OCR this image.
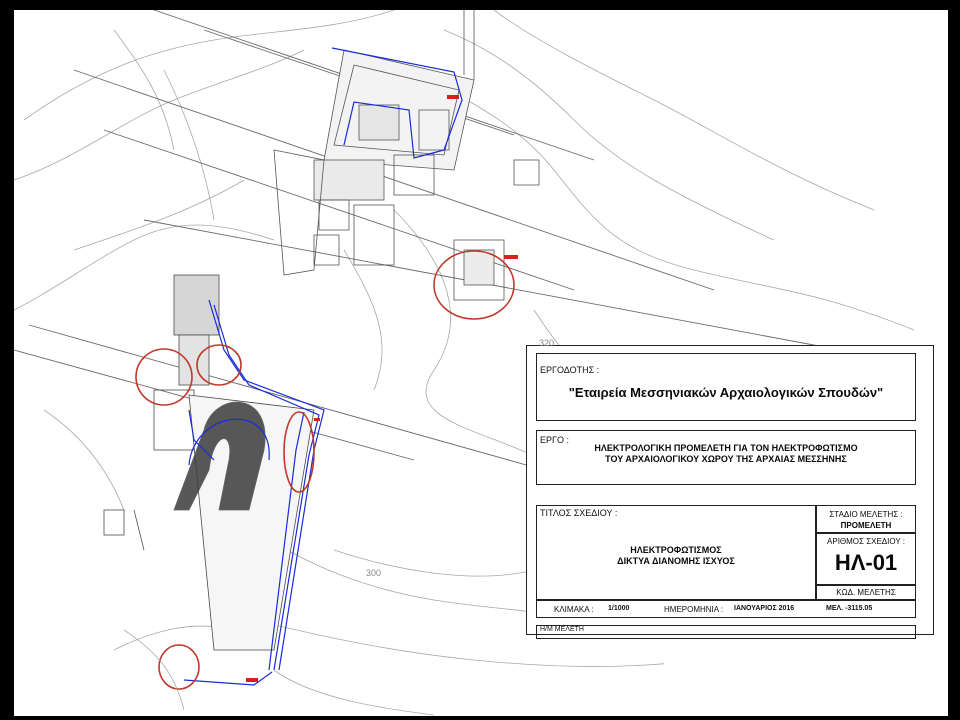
ΕΡΓΟΔΟΤΗΣ :
"Εταιρεία Μεσσηνιακών Αρχαιολογικών Σπουδών"
ΕΡΓΟ :
ΗΛΕΚΤΡΟΛΟΓΙΚΗ ΠΡΟΜΕΛΕΤΗ ΓΙΑ ΤΟΝ ΗΛΕΚΤΡΟΦΩΤΙΣΜΟ
ΤΟΥ ΑΡΧΑΙΟΛΟΓΙΚΟΥ ΧΩΡΟΥ ΤΗΣ ΑΡΧΑΙΑΣ ΜΕΣΣΗΝΗΣ
ΤΙΤΛΟΣ ΣΧΕΔΙΟΥ :
ΗΛΕΚΤΡΟΦΩΤΙΣΜΟΣ
ΔΙΚΤΥΑ ΔΙΑΝΟΜΗΣ ΙΣΧΥΟΣ
ΣΤΑΔΙΟ ΜΕΛΕΤΗΣ :
ΠΡΟΜΕΛΕΤΗ
ΑΡΙΘΜΟΣ ΣΧΕΔΙΟΥ :
ΗΛ-01
ΚΩΔ. ΜΕΛΕΤΗΣ
ΚΛΙΜΑΚΑ : 1/1000	ΗΜΕΡΟΜΗΝΙΑ : ΙΑΝΟΥΑΡΙΟΣ 2016	ΜΕΛ. -3115.05
Η/Μ ΜΕΛΕΤΗ
320
300
